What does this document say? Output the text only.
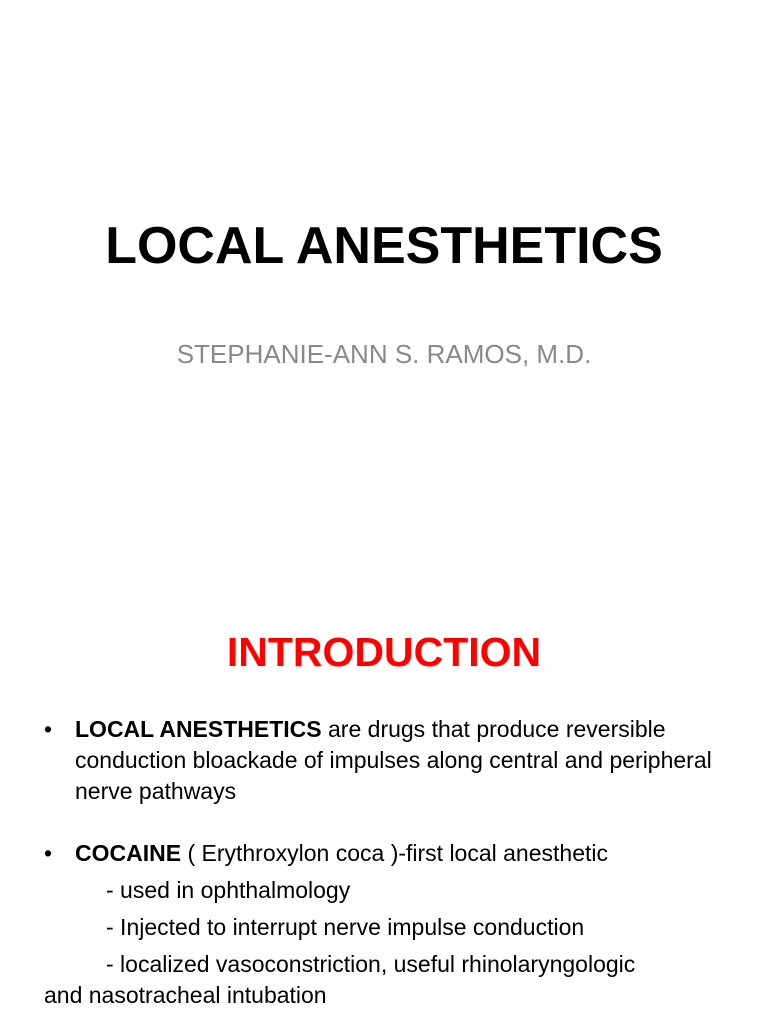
LOCAL ANESTHETICS
STEPHANIE-ANN S. RAMOS, M.D.
INTRODUCTION
• LOCAL ANESTHETICS are drugs that produce reversible conduction bloackade of impulses along central and peripheral nerve pathways
• COCAINE ( Erythroxylon coca )-first local anesthetic
- used in ophthalmology
- Injected to interrupt nerve impulse conduction
- localized vasoconstriction, useful rhinolaryngologic
and nasotracheal intubation
